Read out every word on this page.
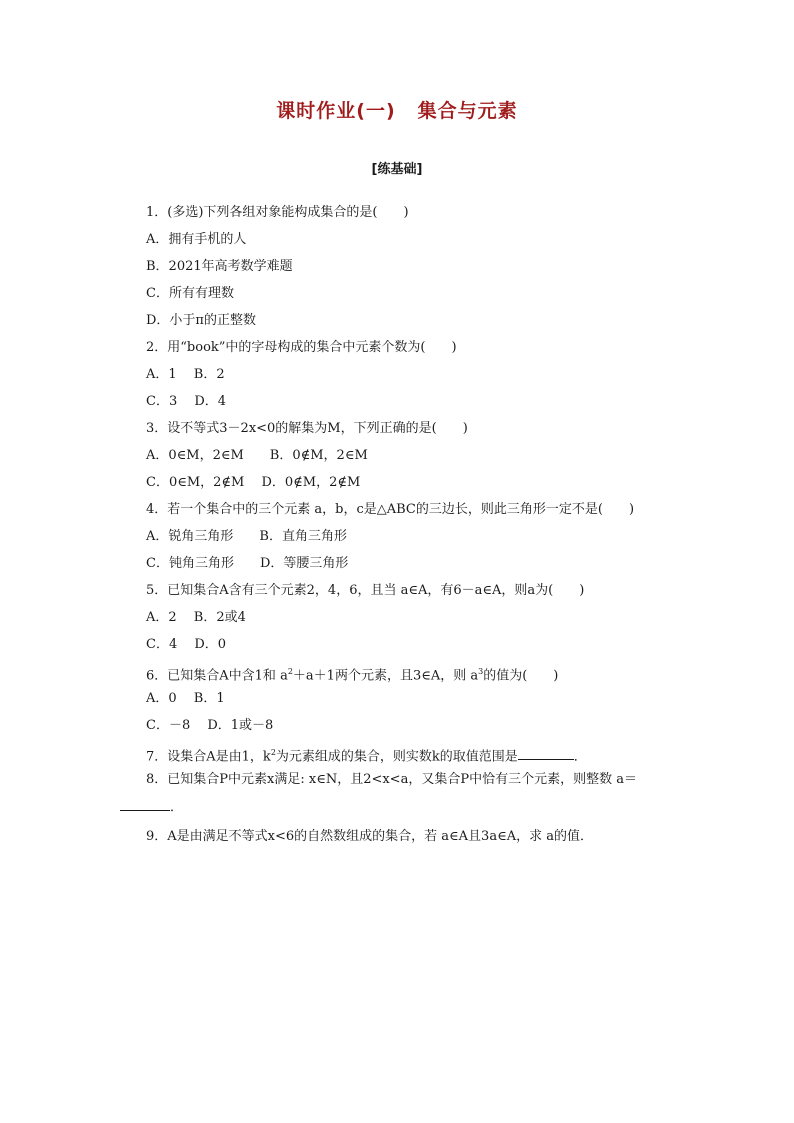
课时作业(一) 集合与元素
[练基础]
1．(多选)下列各组对象能构成集合的是(　　)
A．拥有手机的人
B．2021年高考数学难题
C．所有有理数
D．小于π的正整数
2．用“book”中的字母构成的集合中元素个数为(　　)
A．1　 B．2
C．3　 D．4
3．设不等式3－2x<0的解集为M，下列正确的是(　　)
A．0∈M，2∈M　　B．0∉M，2∈M
C．0∈M，2∉M　 D．0∉M，2∉M
4．若一个集合中的三个元素 a，b，c是△ABC的三边长，则此三角形一定不是(　　)
A．锐角三角形　　B．直角三角形
C．钝角三角形　　D．等腰三角形
5．已知集合A含有三个元素2，4，6，且当 a∈A，有6－a∈A，则a为(　　)
A．2　 B．2或4
C．4　 D．0
6．已知集合A中含1和 $a^2+a+1$两个元素，且3∈A，则 $a^3$的值为(　　)
A．0　 B．1
C．－8　 D．1或－8
7．设集合A是由1，$k^2$为元素组成的集合，则实数k的取值范围是	．
8．已知集合P中元素x满足: x∈N，且2<x<a，又集合P中恰有三个元素，则整数 a＝
．
9．A是由满足不等式x<6的自然数组成的集合，若 a∈A且3a∈A，求 a的值．
